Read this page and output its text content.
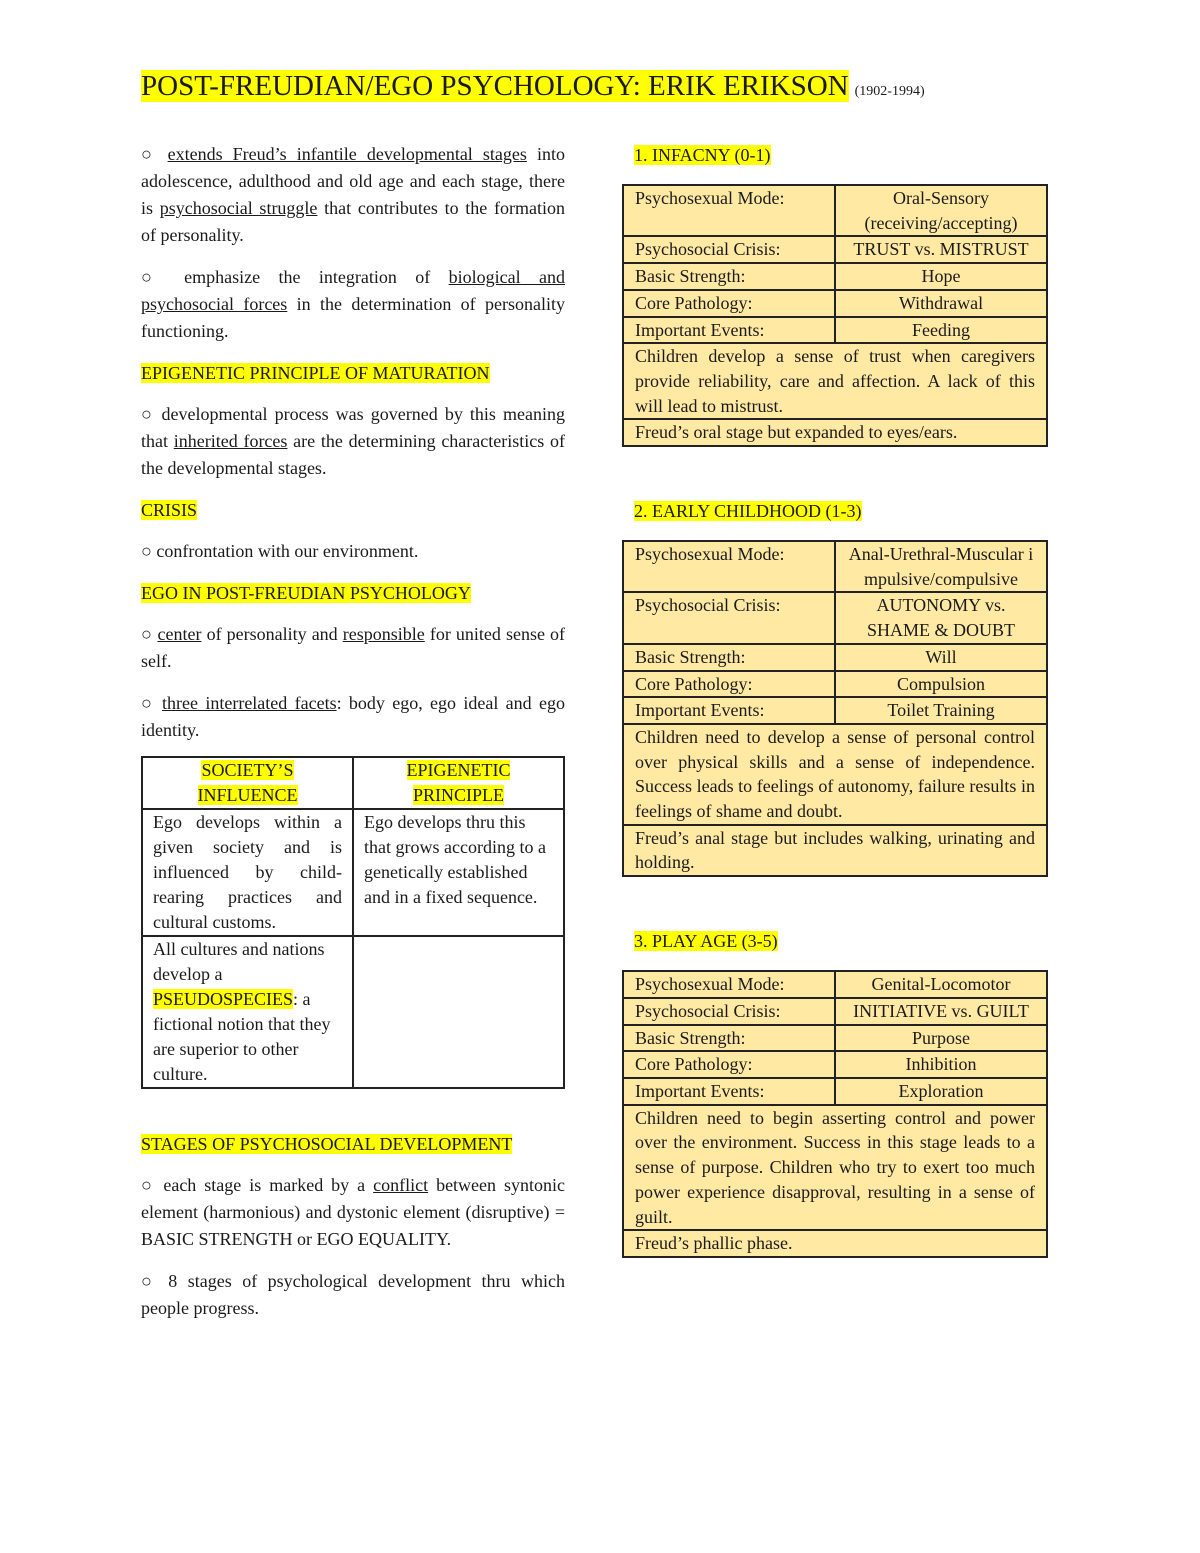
POST-FREUDIAN/EGO PSYCHOLOGY: ERIK ERIKSON (1902-1994)

○ extends Freud’s infantile developmental stages into adolescence, adulthood and old age and each stage, there is psychosocial struggle that contributes to the formation of personality.

○ emphasize the integration of biological and psychosocial forces in the determination of personality functioning.

EPIGENETIC PRINCIPLE OF MATURATION

○ developmental process was governed by this meaning that inherited forces are the determining characteristics of the developmental stages.

CRISIS

○ confrontation with our environment.

EGO IN POST-FREUDIAN PSYCHOLOGY

○ center of personality and responsible for united sense of self.

○ three interrelated facets: body ego, ego ideal and ego identity.

SOCIETY’S INFLUENCE	EPIGENETIC PRINCIPLE
Ego develops within a given society and is influenced by child-rearing practices and cultural customs.	Ego develops thru this that grows according to a genetically established and in a fixed sequence.
All cultures and nations develop a PSEUDOSPECIES: a fictional notion that they are superior to other culture.	
STAGES OF PSYCHOSOCIAL DEVELOPMENT

○ each stage is marked by a conflict between syntonic element (harmonious) and dystonic element (disruptive) = BASIC STRENGTH or EGO EQUALITY.

○ 8 stages of psychological development thru which people progress.

1. INFACNY (0-1)
Psychosexual Mode:	Oral-Sensory (receiving/accepting)
Psychosocial Crisis:	TRUST vs. MISTRUST
Basic Strength:	Hope
Core Pathology:	Withdrawal
Important Events:	Feeding
Children develop a sense of trust when caregivers provide reliability, care and affection. A lack of this will lead to mistrust.	
Freud’s oral stage but expanded to eyes/ears.	
2. EARLY CHILDHOOD (1-3)
Psychosexual Mode:	Anal-Urethral-Muscular impulsive/compulsive
Psychosocial Crisis:	AUTONOMY vs. SHAME & DOUBT
Basic Strength:	Will
Core Pathology:	Compulsion
Important Events:	Toilet Training
Children need to develop a sense of personal control over physical skills and a sense of independence. Success leads to feelings of autonomy, failure results in feelings of shame and doubt.	
Freud’s anal stage but includes walking, urinating and holding.	
3. PLAY AGE (3-5)
Psychosexual Mode:	Genital-Locomotor
Psychosocial Crisis:	INITIATIVE vs. GUILT
Basic Strength:	Purpose
Core Pathology:	Inhibition
Important Events:	Exploration
Children need to begin asserting control and power over the environment. Success in this stage leads to a sense of purpose. Children who try to exert too much power experience disapproval, resulting in a sense of guilt.	
Freud’s phallic phase.	
